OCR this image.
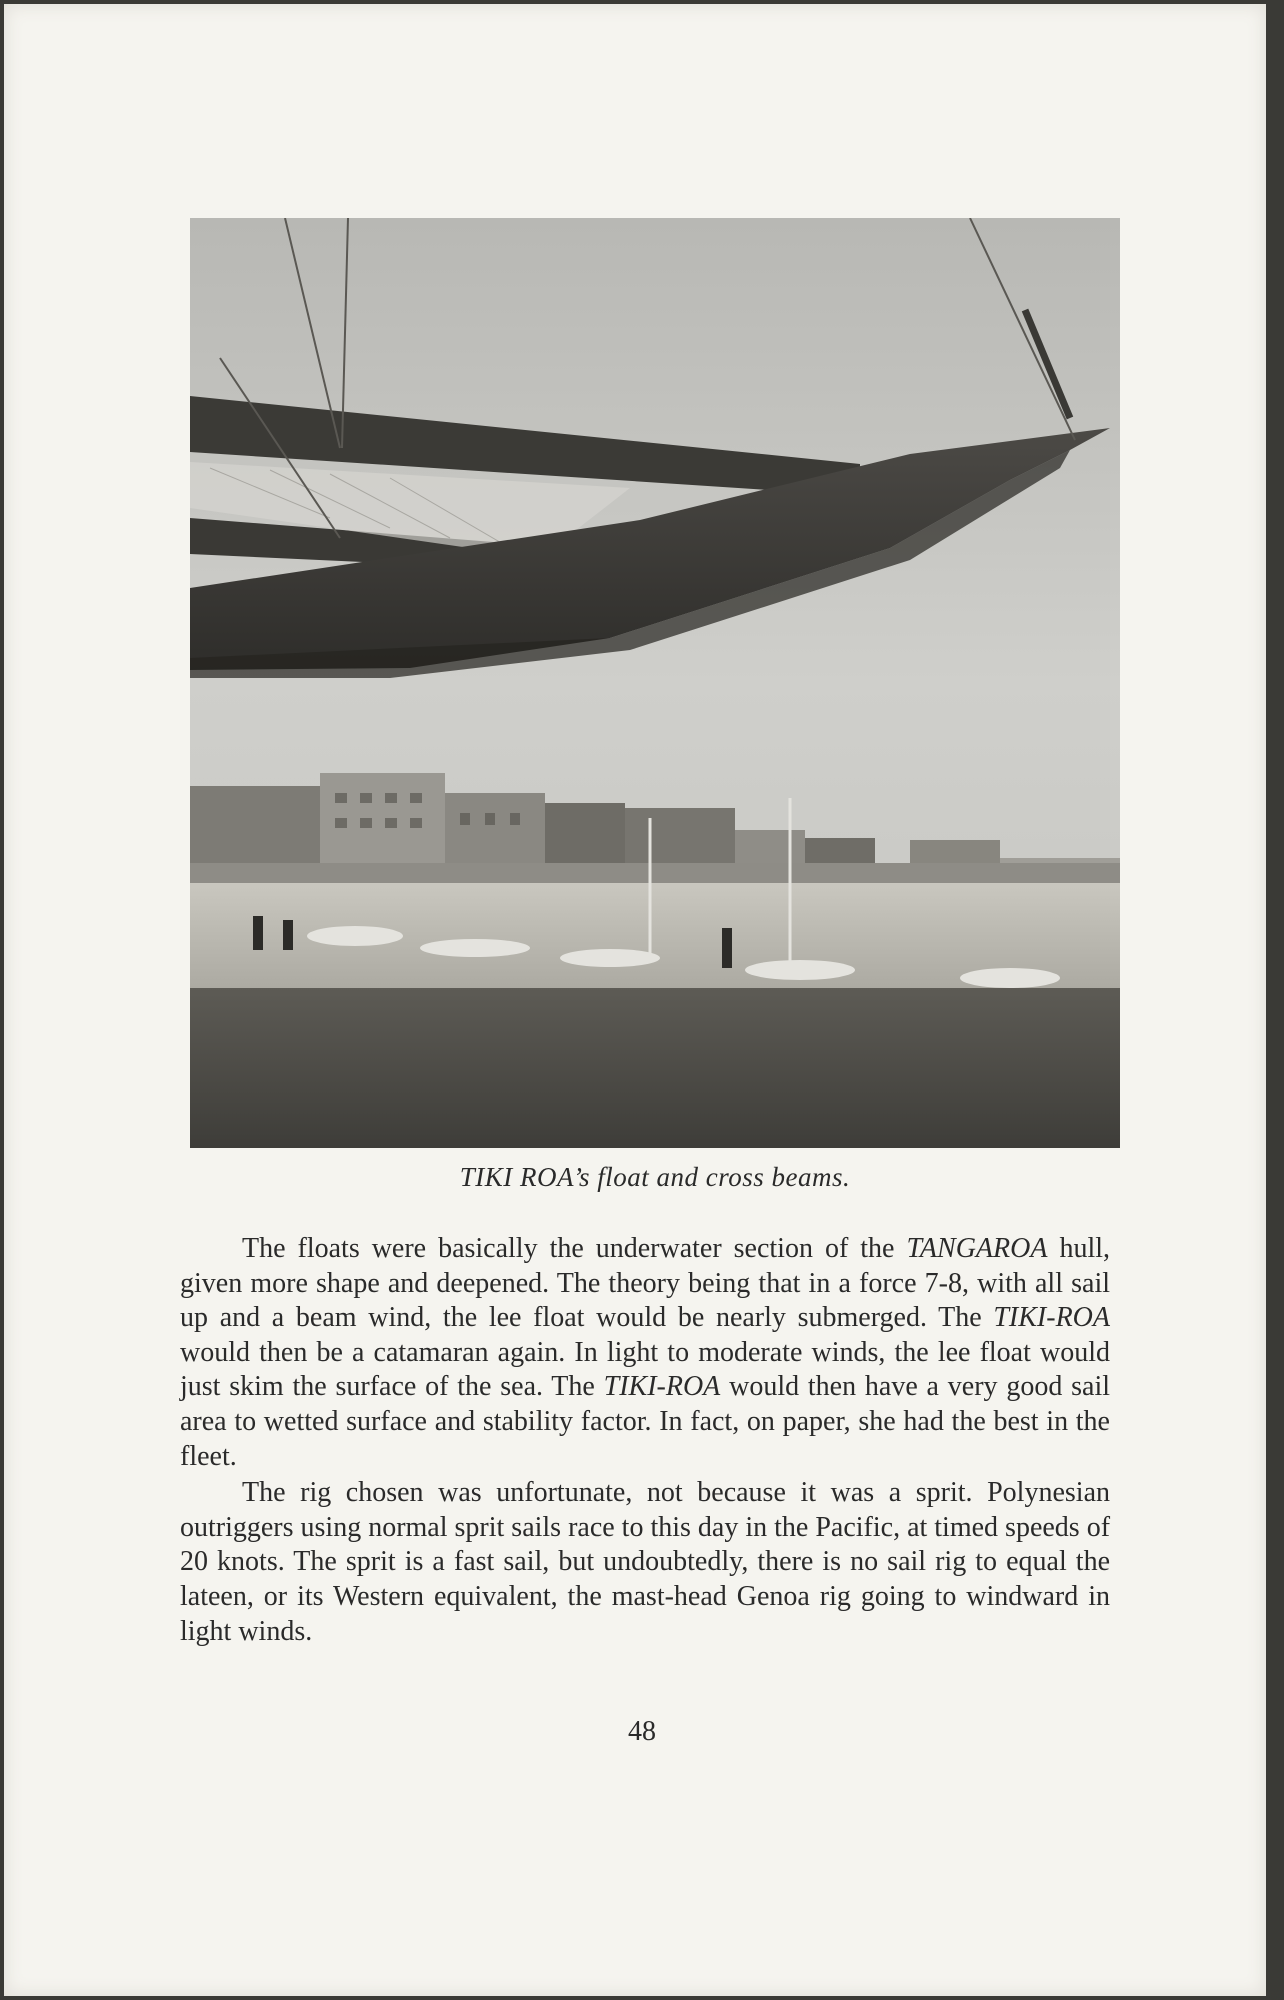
TIKI ROA’s float and cross beams.

The floats were basically the underwater section of the TANGAROA hull, given more shape and deepened. The theory being that in a force 7-8, with all sail up and a beam wind, the lee float would be nearly submerged. The TIKI-ROA would then be a catamaran again. In light to moderate winds, the lee float would just skim the surface of the sea. The TIKI-ROA would then have a very good sail area to wetted surface and stability factor. In fact, on paper, she had the best in the fleet.

The rig chosen was unfortunate, not because it was a sprit. Polynesian outriggers using normal sprit sails race to this day in the Pacific, at timed speeds of 20 knots. The sprit is a fast sail, but undoubtedly, there is no sail rig to equal the lateen, or its Western equivalent, the mast-head Genoa rig going to windward in light winds.

48
